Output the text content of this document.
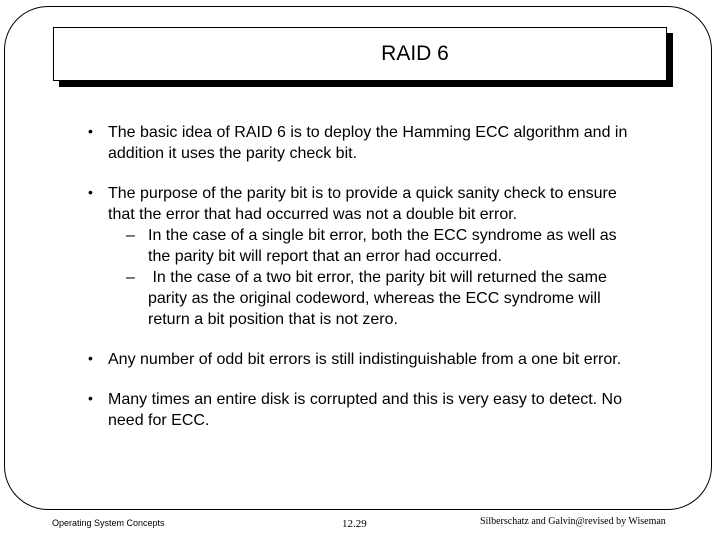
RAID 6
• The basic idea of RAID 6 is to deploy the Hamming ECC algorithm and in addition it uses the parity check bit.
• The purpose of the parity bit is to provide a quick sanity check to ensure that the error that had occurred was not a double bit error.
– In the case of a single bit error, both the ECC syndrome as well as the parity bit will report that an error had occurred.
– In the case of a two bit error, the parity bit will returned the same parity as the original codeword, whereas the ECC syndrome will return a bit position that is not zero.
• Any number of odd bit errors is still indistinguishable from a one bit error.
• Many times an entire disk is corrupted and this is very easy to detect. No need for ECC.
Operating System Concepts	12.29	Silberschatz and Galvin@revised by Wiseman
